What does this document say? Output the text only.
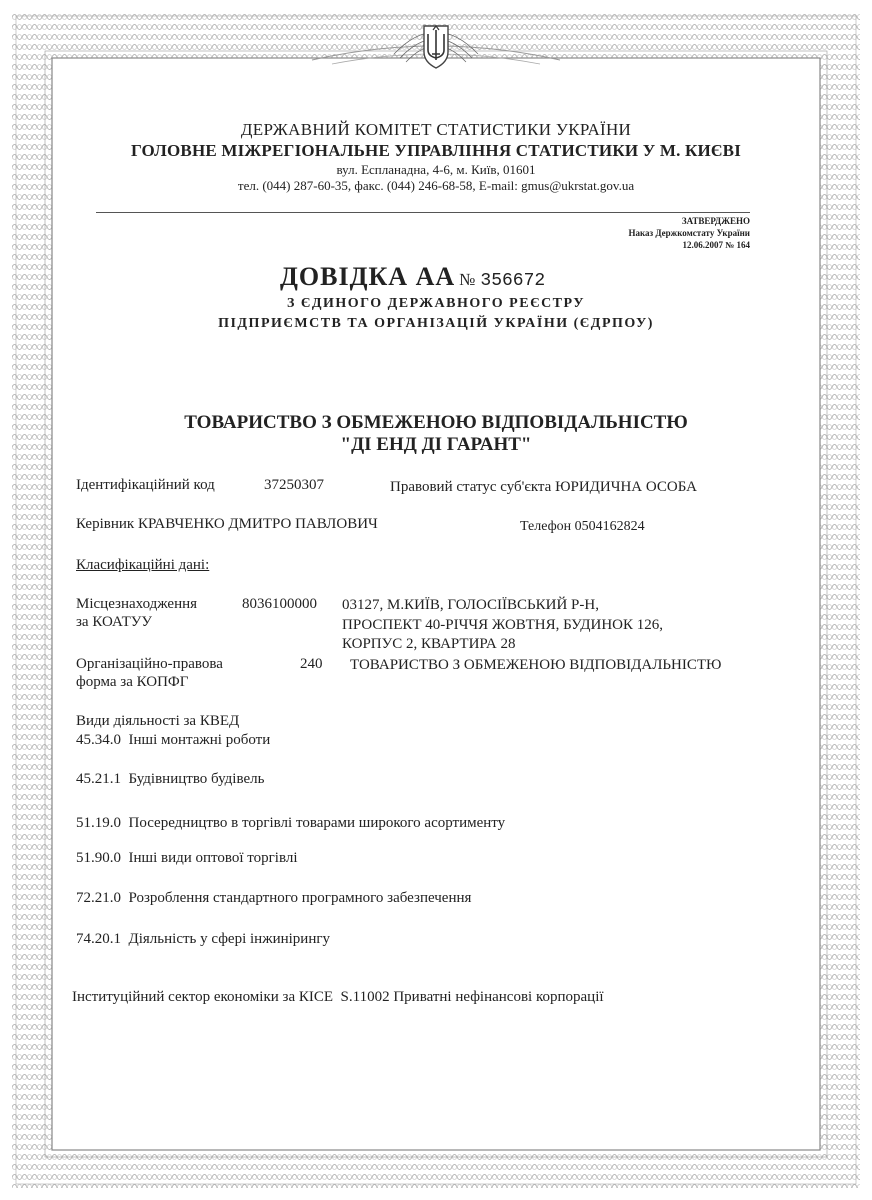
ДЕРЖАВНИЙ КОМІТЕТ СТАТИСТИКИ УКРАЇНИ
ГОЛОВНЕ МІЖРЕГІОНАЛЬНЕ УПРАВЛІННЯ СТАТИСТИКИ У М. КИЄВІ
вул. Еспланадна, 4-6, м. Київ, 01601
тел. (044) 287-60-35, факс. (044) 246-68-58, E-mail: gmus@ukrstat.gov.ua
ЗАТВЕРДЖЕНО
Наказ Держкомстату України
12.06.2007 № 164
ДОВІДКА АА № 356672
З ЄДИНОГО ДЕРЖАВНОГО РЕЄСТРУ
ПІДПРИЄМСТВ ТА ОРГАНІЗАЦІЙ УКРАЇНИ (ЄДРПОУ)
ТОВАРИСТВО З ОБМЕЖЕНОЮ ВІДПОВІДАЛЬНІСТЮ
"ДІ ЕНД ДІ ГАРАНТ"
Ідентифікаційний код	37250307	Правовий статус суб'єкта ЮРИДИЧНА ОСОБА
Керівник КРАВЧЕНКО ДМИТРО ПАВЛОВИЧ	Телефон 0504162824
Класифікаційні дані:
Місцезнаходження
за КОАТУУ
8036100000 03127, М.КИЇВ, ГОЛОСІЇВСЬКИЙ Р-Н,
ПРОСПЕКТ 40-РІЧЧЯ ЖОВТНЯ, БУДИНОК 126,
КОРПУС 2, КВАРТИРА 28
Організаційно-правова
форма за КОПФГ
240 ТОВАРИСТВО З ОБМЕЖЕНОЮ ВІДПОВІДАЛЬНІСТЮ
Види діяльності за КВЕД
45.34.0 Інші монтажні роботи
45.21.1 Будівництво будівель
51.19.0 Посередництво в торгівлі товарами широкого асортименту
51.90.0 Інші види оптової торгівлі
72.21.0 Розроблення стандартного програмного забезпечення
74.20.1 Діяльність у сфері інжинірингу
Інституційний сектор економіки за КІСЕ S.11002 Приватні нефінансові корпорації
